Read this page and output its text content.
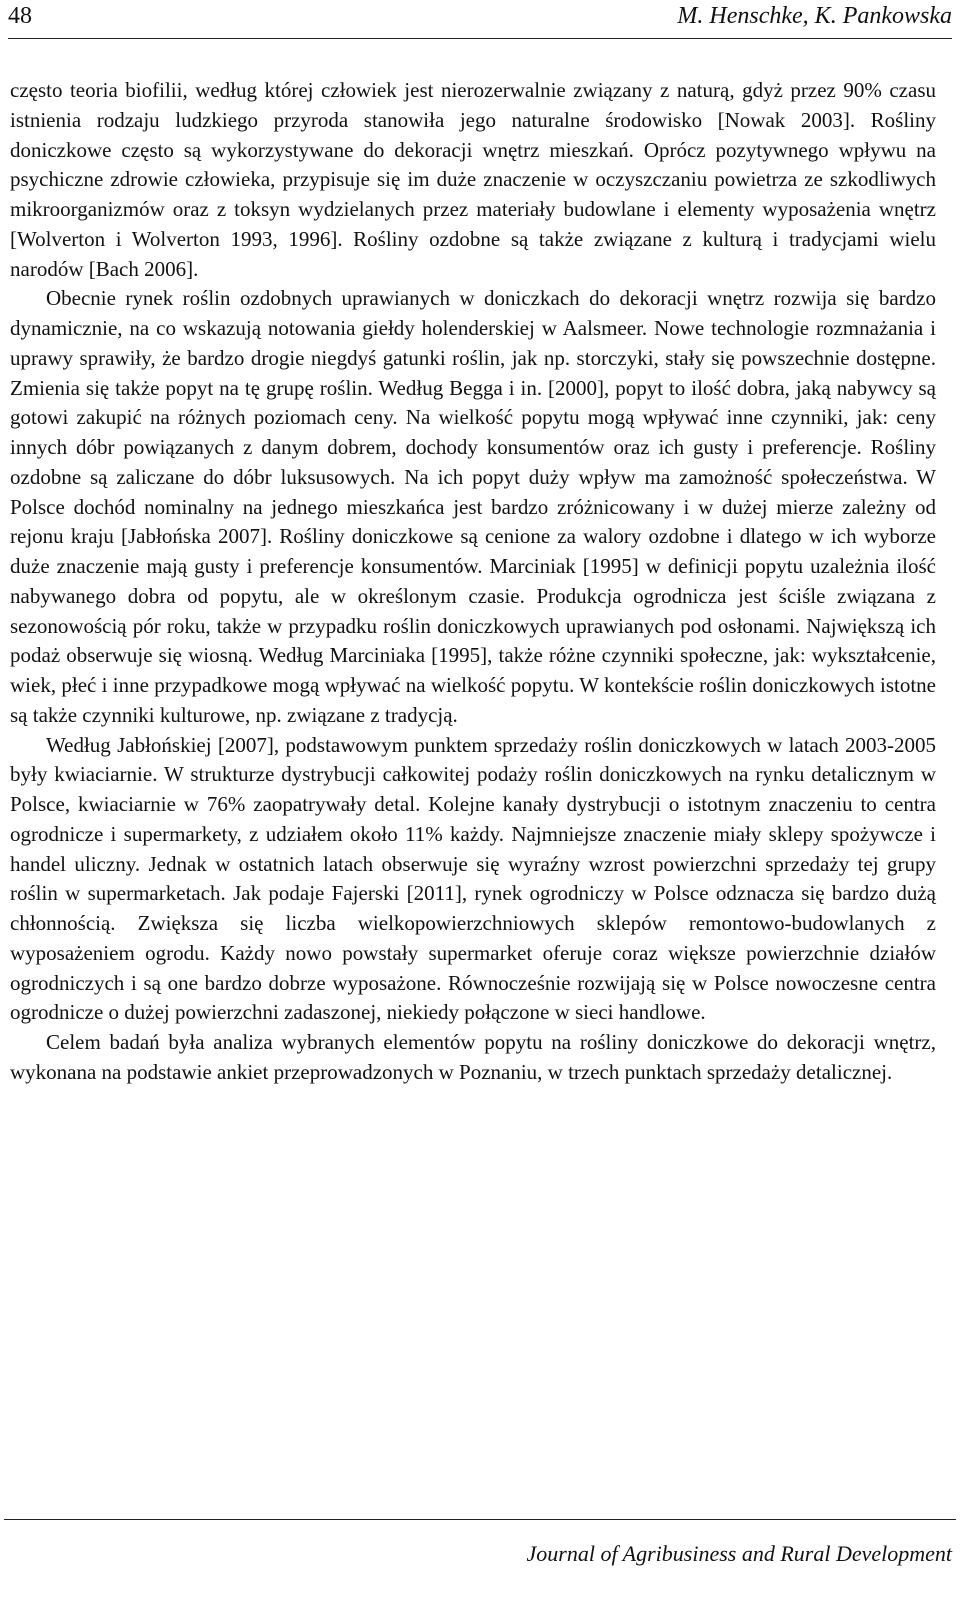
48	M. Henschke, K. Pankowska

często teoria biofilii, według której człowiek jest nierozerwalnie związany z naturą, gdyż przez 90% czasu istnienia rodzaju ludzkiego przyroda stanowiła jego naturalne środowisko [Nowak 2003]. Rośliny doniczkowe często są wykorzystywane do dekoracji wnętrz mieszkań. Oprócz pozytywnego wpływu na psychiczne zdrowie człowieka, przypisuje się im duże znaczenie w oczyszczaniu powietrza ze szkodliwych mikroorganizmów oraz z toksyn wydzielanych przez materiały budowlane i elementy wyposażenia wnętrz [Wolverton i Wolverton 1993, 1996]. Rośliny ozdobne są także związane z kulturą i tradycjami wielu narodów [Bach 2006].

Obecnie rynek roślin ozdobnych uprawianych w doniczkach do dekoracji wnętrz rozwija się bardzo dynamicznie, na co wskazują notowania giełdy holenderskiej w Aalsmeer. Nowe technologie rozmnażania i uprawy sprawiły, że bardzo drogie niegdyś gatunki roślin, jak np. storczyki, stały się powszechnie dostępne. Zmienia się także popyt na tę grupę roślin. Według Begga i in. [2000], popyt to ilość dobra, jaką nabywcy są gotowi zakupić na różnych poziomach ceny. Na wielkość popytu mogą wpływać inne czynniki, jak: ceny innych dóbr powiązanych z danym dobrem, dochody konsumentów oraz ich gusty i preferencje. Rośliny ozdobne są zaliczane do dóbr luksusowych. Na ich popyt duży wpływ ma zamożność społeczeństwa. W Polsce dochód nominalny na jednego mieszkańca jest bardzo zróżnicowany i w dużej mierze zależny od rejonu kraju [Jabłońska 2007]. Rośliny doniczkowe są cenione za walory ozdobne i dlatego w ich wyborze duże znaczenie mają gusty i preferencje konsumentów. Marciniak [1995] w definicji popytu uzależnia ilość nabywanego dobra od popytu, ale w określonym czasie. Produkcja ogrodnicza jest ściśle związana z sezonowością pór roku, także w przypadku roślin doniczkowych uprawianych pod osłonami. Największą ich podaż obserwuje się wiosną. Według Marciniaka [1995], także różne czynniki społeczne, jak: wykształcenie, wiek, płeć i inne przypadkowe mogą wpływać na wielkość popytu. W kontekście roślin doniczkowych istotne są także czynniki kulturowe, np. związane z tradycją.

Według Jabłońskiej [2007], podstawowym punktem sprzedaży roślin doniczkowych w latach 2003-2005 były kwiaciarnie. W strukturze dystrybucji całkowitej podaży roślin doniczkowych na rynku detalicznym w Polsce, kwiaciarnie w 76% zaopatrywały detal. Kolejne kanały dystrybucji o istotnym znaczeniu to centra ogrodnicze i supermarkety, z udziałem około 11% każdy. Najmniejsze znaczenie miały sklepy spożywcze i handel uliczny. Jednak w ostatnich latach obserwuje się wyraźny wzrost powierzchni sprzedaży tej grupy roślin w supermarketach. Jak podaje Fajerski [2011], rynek ogrodniczy w Polsce odznacza się bardzo dużą chłonnością. Zwiększa się liczba wielkopowierzchniowych sklepów remontowo-budowlanych z wyposażeniem ogrodu. Każdy nowo powstały supermarket oferuje coraz większe powierzchnie działów ogrodniczych i są one bardzo dobrze wyposażone. Równocześnie rozwijają się w Polsce nowoczesne centra ogrodnicze o dużej powierzchni zadaszonej, niekiedy połączone w sieci handlowe.

Celem badań była analiza wybranych elementów popytu na rośliny doniczkowe do dekoracji wnętrz, wykonana na podstawie ankiet przeprowadzonych w Poznaniu, w trzech punktach sprzedaży detalicznej.

Journal of Agribusiness and Rural Development
